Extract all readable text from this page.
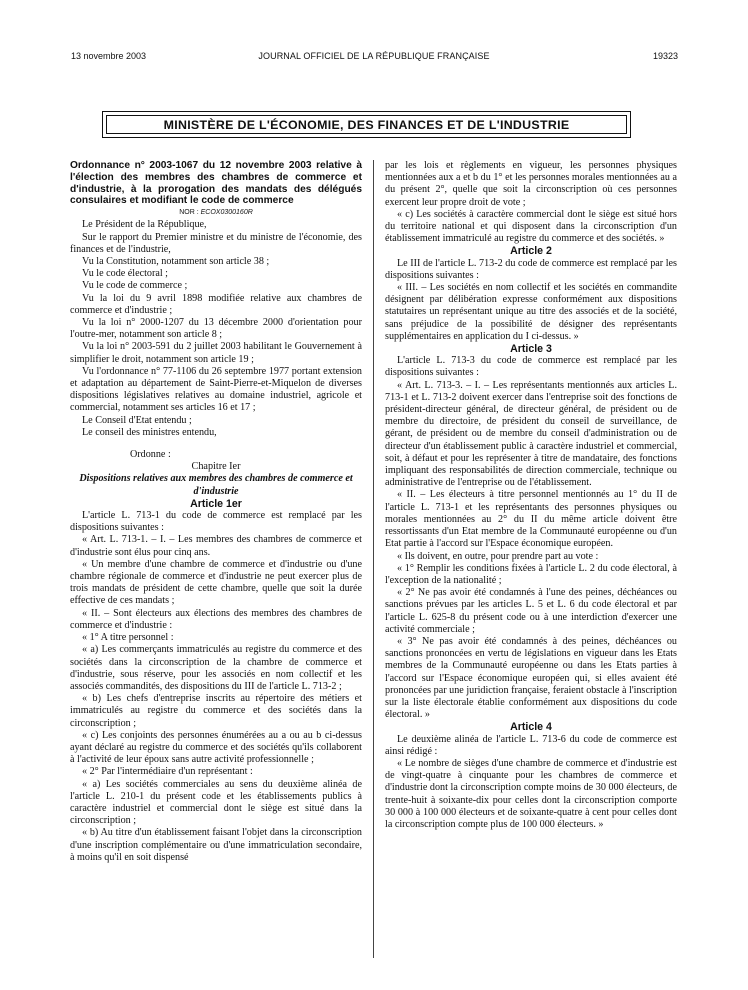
13 novembre 2003	JOURNAL OFFICIEL DE LA RÉPUBLIQUE FRANÇAISE	19323
MINISTÈRE DE L'ÉCONOMIE, DES FINANCES ET DE L'INDUSTRIE

Ordonnance n° 2003-1067 du 12 novembre 2003 relative à l'élection des membres des chambres de commerce et d'industrie, à la prorogation des mandats des délégués consulaires et modifiant le code de commerce

NOR : ECOX0300160R

Le Président de la République,

Sur le rapport du Premier ministre et du ministre de l'économie, des finances et de l'industrie,

Vu la Constitution, notamment son article 38 ;

Vu le code électoral ;

Vu le code de commerce ;

Vu la loi du 9 avril 1898 modifiée relative aux chambres de commerce et d'industrie ;

Vu la loi n° 2000-1207 du 13 décembre 2000 d'orientation pour l'outre-mer, notamment son article 8 ;

Vu la loi n° 2003-591 du 2 juillet 2003 habilitant le Gouvernement à simplifier le droit, notamment son article 19 ;

Vu l'ordonnance n° 77-1106 du 26 septembre 1977 portant extension et adaptation au département de Saint-Pierre-et-Miquelon de diverses dispositions législatives relatives au domaine industriel, agricole et commercial, notamment ses articles 16 et 17 ;

Le Conseil d'Etat entendu ;

Le conseil des ministres entendu,

Ordonne :

Chapitre Ier

Dispositions relatives aux membres des chambres de commerce et d'industrie

Article 1er

L'article L. 713-1 du code de commerce est remplacé par les dispositions suivantes :

« Art. L. 713-1. – I. – Les membres des chambres de commerce et d'industrie sont élus pour cinq ans.

« Un membre d'une chambre de commerce et d'industrie ou d'une chambre régionale de commerce et d'industrie ne peut exercer plus de trois mandats de président de cette chambre, quelle que soit la durée effective de ces mandats ;

« II. – Sont électeurs aux élections des membres des chambres de commerce et d'industrie :

« 1° A titre personnel :

« a) Les commerçants immatriculés au registre du commerce et des sociétés dans la circonscription de la chambre de commerce et d'industrie, sous réserve, pour les associés en nom collectif et les associés commandités, des dispositions du III de l'article L. 713-2 ;

« b) Les chefs d'entreprise inscrits au répertoire des métiers et immatriculés au registre du commerce et des sociétés dans la circonscription ;

« c) Les conjoints des personnes énumérées au a ou au b ci-dessus ayant déclaré au registre du commerce et des sociétés qu'ils collaborent à l'activité de leur époux sans autre activité professionnelle ;

« 2° Par l'intermédiaire d'un représentant :

« a) Les sociétés commerciales au sens du deuxième alinéa de l'article L. 210-1 du présent code et les établissements publics à caractère industriel et commercial dont le siège est situé dans la circonscription ;

« b) Au titre d'un établissement faisant l'objet dans la circonscription d'une inscription complémentaire ou d'une immatriculation secondaire, à moins qu'il en soit dispensé

par les lois et règlements en vigueur, les personnes physiques mentionnées aux a et b du 1° et les personnes morales mentionnées au a du présent 2°, quelle que soit la circonscription où ces personnes exercent leur propre droit de vote ;

« c) Les sociétés à caractère commercial dont le siège est situé hors du territoire national et qui disposent dans la circonscription d'un établissement immatriculé au registre du commerce et des sociétés. »

Article 2

Le III de l'article L. 713-2 du code de commerce est remplacé par les dispositions suivantes :

« III. – Les sociétés en nom collectif et les sociétés en commandite désignent par délibération expresse conformément aux dispositions statutaires un représentant unique au titre des associés et de la société, sans préjudice de la possibilité de désigner des représentants supplémentaires en application du I ci-dessus. »

Article 3

L'article L. 713-3 du code de commerce est remplacé par les dispositions suivantes :

« Art. L. 713-3. – I. – Les représentants mentionnés aux articles L. 713-1 et L. 713-2 doivent exercer dans l'entreprise soit des fonctions de président-directeur général, de directeur général, de président ou de membre du directoire, de président du conseil de surveillance, de gérant, de président ou de membre du conseil d'administration ou de directeur d'un établissement public à caractère industriel et commercial, soit, à défaut et pour les représenter à titre de mandataire, des fonctions impliquant des responsabilités de direction commerciale, technique ou administrative de l'entreprise ou de l'établissement.

« II. – Les électeurs à titre personnel mentionnés au 1° du II de l'article L. 713-1 et les représentants des personnes physiques ou morales mentionnées au 2° du II du même article doivent être ressortissants d'un Etat membre de la Communauté européenne ou d'un Etat partie à l'accord sur l'Espace économique européen.

« Ils doivent, en outre, pour prendre part au vote :

« 1° Remplir les conditions fixées à l'article L. 2 du code électoral, à l'exception de la nationalité ;

« 2° Ne pas avoir été condamnés à l'une des peines, déchéances ou sanctions prévues par les articles L. 5 et L. 6 du code électoral et par l'article L. 625-8 du présent code ou à une interdiction d'exercer une activité commerciale ;

« 3° Ne pas avoir été condamnés à des peines, déchéances ou sanctions prononcées en vertu de législations en vigueur dans les Etats membres de la Communauté européenne ou dans les Etats parties à l'accord sur l'Espace économique européen qui, si elles avaient été prononcées par une juridiction française, feraient obstacle à l'inscription sur la liste électorale établie conformément aux dispositions du code électoral. »

Article 4

Le deuxième alinéa de l'article L. 713-6 du code de commerce est ainsi rédigé :

« Le nombre de sièges d'une chambre de commerce et d'industrie est de vingt-quatre à cinquante pour les chambres de commerce et d'industrie dont la circonscription compte moins de 30 000 électeurs, de trente-huit à soixante-dix pour celles dont la circonscription comporte 30 000 à 100 000 électeurs et de soixante-quatre à cent pour celles dont la circonscription compte plus de 100 000 électeurs. »
